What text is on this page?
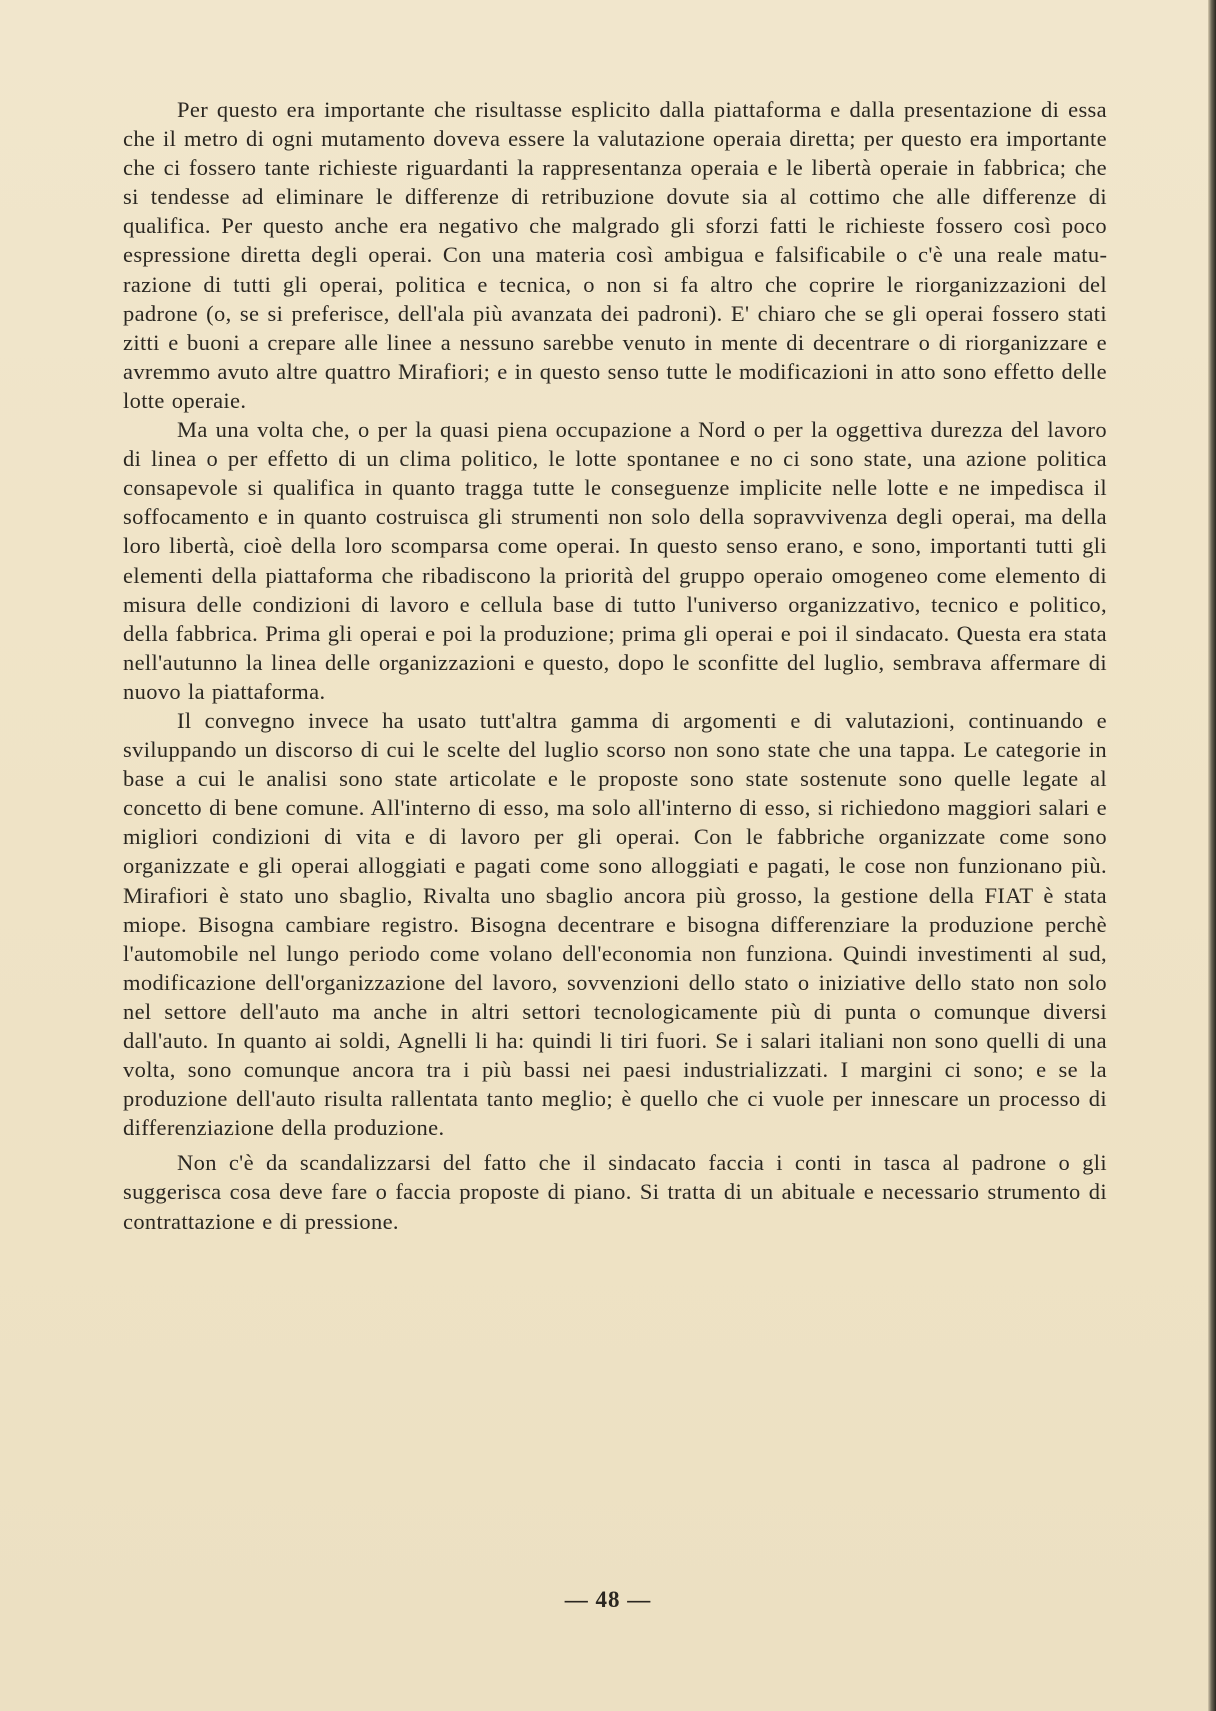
Per questo era importante che risultasse esplicito dalla piattaforma e dalla presentazione di essa che il metro di ogni mutamento doveva essere la valutazione operaia diretta; per questo era importante che ci fossero tante richieste riguardanti la rappresentanza operaia e le libertà operaie in fabbrica; che si tendesse ad eliminare le differenze di retribuzione dovute sia al cottimo che alle differenze di qualifica. Per questo anche era negativo che malgrado gli sforzi fatti le richieste fossero così poco espressione diretta degli operai. Con una materia così ambigua e falsificabile o c'è una reale maturazione di tutti gli operai, politica e tecnica, o non si fa altro che coprire le riorganizzazioni del padrone (o, se si preferisce, dell'ala più avanzata dei padroni). E' chiaro che se gli operai fossero stati zitti e buoni a crepare alle linee a nessuno sarebbe venuto in mente di decentrare o di riorganizzare e avremmo avuto altre quattro Mirafiori; e in questo senso tutte le modificazioni in atto sono effetto delle lotte operaie.

Ma una volta che, o per la quasi piena occupazione a Nord o per la oggettiva durezza del lavoro di linea o per effetto di un clima politico, le lotte spontanee e no ci sono state, una azione politica consapevole si qualifica in quanto tragga tutte le conseguenze implicite nelle lotte e ne impedisca il soffocamento e in quanto costruisca gli strumenti non solo della sopravvivenza degli operai, ma della loro libertà, cioè della loro scomparsa come operai. In questo senso erano, e sono, importanti tutti gli elementi della piattaforma che ribadiscono la priorità del gruppo operaio omogeneo come elemento di misura delle condizioni di lavoro e cellula base di tutto l'universo organizzativo, tecnico e politico, della fabbrica. Prima gli operai e poi la produzione; prima gli operai e poi il sindacato. Questa era stata nell'autunno la linea delle organizzazioni e questo, dopo le sconfitte del luglio, sembrava affermare di nuovo la piattaforma.

Il convegno invece ha usato tutt'altra gamma di argomenti e di valutazioni, continuando e sviluppando un discorso di cui le scelte del luglio scorso non sono state che una tappa. Le categorie in base a cui le analisi sono state articolate e le proposte sono state sostenute sono quelle legate al concetto di bene comune. All'interno di esso, ma solo all'interno di esso, si richiedono maggiori salari e migliori condizioni di vita e di lavoro per gli operai. Con le fabbriche organizzate come sono organizzate e gli operai alloggiati e pagati come sono alloggiati e pagati, le cose non funzionano più. Mirafiori è stato uno sbaglio, Rivalta uno sbaglio ancora più grosso, la gestione della FIAT è stata miope. Bisogna cambiare registro. Bisogna decentrare e bisogna differenziare la produzione perchè l'automobile nel lungo periodo come volano dell'economia non funziona. Quindi investimenti al sud, modificazione dell'organizzazione del lavoro, sovvenzioni dello stato o iniziative dello stato non solo nel settore dell'auto ma anche in altri settori tecnologicamente più di punta o comunque diversi dall'auto. In quanto ai soldi, Agnelli li ha: quindi li tiri fuori. Se i salari italiani non sono quelli di una volta, sono comunque ancora tra i più bassi nei paesi industrializzati. I margini ci sono; e se la produzione dell'auto risulta rallentata tanto meglio; è quello che ci vuole per innescare un processo di differenziazione della produzione.

Non c'è da scandalizzarsi del fatto che il sindacato faccia i conti in tasca al padrone o gli suggerisca cosa deve fare o faccia proposte di piano. Si tratta di un abituale e necessario strumento di contrattazione e di pressione.

— 48 —
